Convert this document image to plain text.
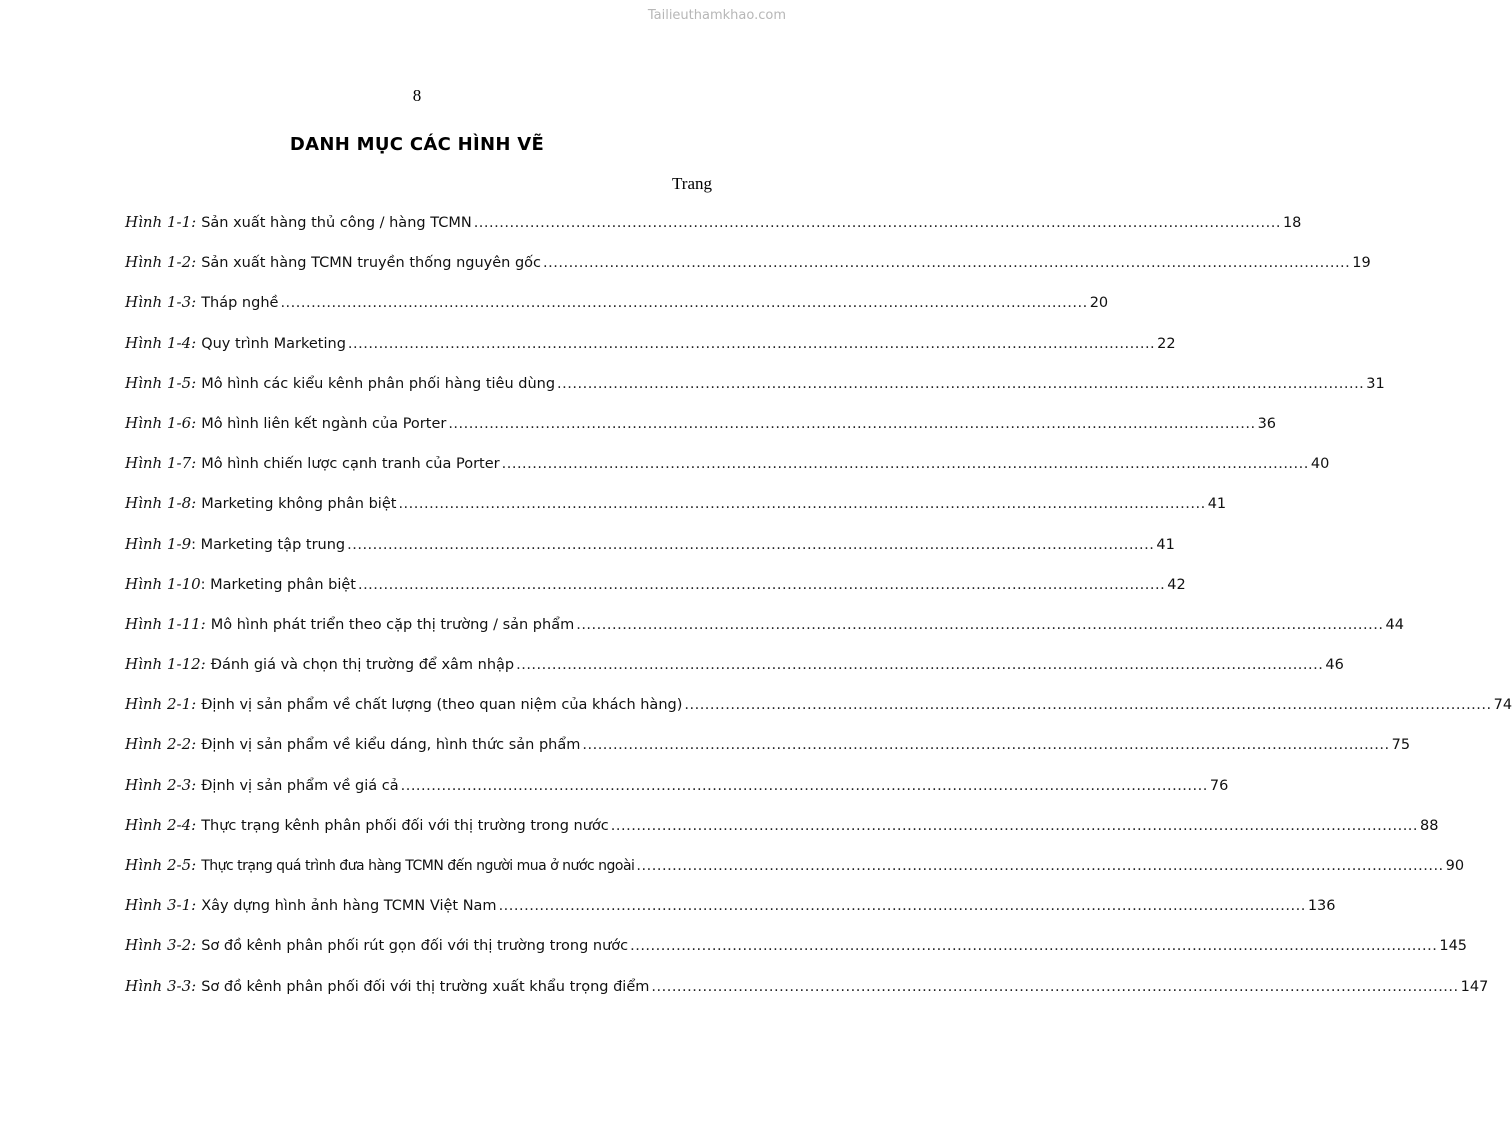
Tailieuthamkhao.com
8
DANH MỤC CÁC HÌNH VẼ
Trang
Hình 1-1: Sản xuất hàng thủ công / hàng TCMN .....	18
Hình 1-2: Sản xuất hàng TCMN truyền thống nguyên gốc .....	19
Hình 1-3: Tháp nghề .....	20
Hình 1-4: Quy trình Marketing .....	22
Hình 1-5: Mô hình các kiểu kênh phân phối hàng tiêu dùng .....	31
Hình 1-6: Mô hình liên kết ngành của Porter .....	36
Hình 1-7: Mô hình chiến lược cạnh tranh của Porter .....	40
Hình 1-8: Marketing không phân biệt .....	41
Hình 1-9 : Marketing tập trung .....	41
Hình 1-10 : Marketing phân biệt .....	42
Hình 1-11: Mô hình phát triển theo cặp thị trường / sản phẩm .....	44
Hình 1-12: Đánh giá và chọn thị trường để xâm nhập .....	46
Hình 2-1: Định vị sản phẩm về chất lượng (theo quan niệm của khách hàng) .....	74
Hình 2-2: Định vị sản phẩm về kiểu dáng, hình thức sản phẩm .....	75
Hình 2-3: Định vị sản phẩm về giá cả .....	76
Hình 2-4: Thực trạng kênh phân phối đối với thị trường trong nước .....	88
Hình 2-5: Thực trạng quá trình đưa hàng TCMN đến người mua ở nước ngoài .....	90
Hình 3-1: Xây dựng hình ảnh hàng TCMN Việt Nam .....	136
Hình 3-2: Sơ đồ kênh phân phối rút gọn đối với thị trường trong nước .....	145
Hình 3-3: Sơ đồ kênh phân phối đối với thị trường xuất khẩu trọng điểm .....	147
